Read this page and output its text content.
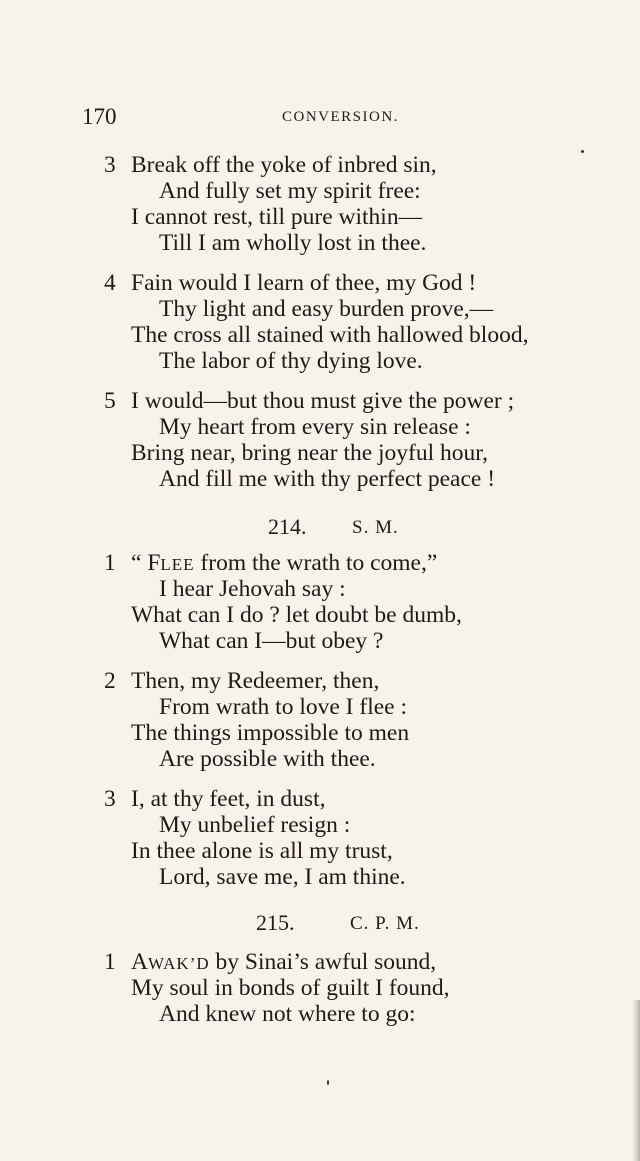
170	CONVERSION.
3 Break off the yoke of inbred sin,
And fully set my spirit free:
I cannot rest, till pure within—
Till I am wholly lost in thee.
4 Fain would I learn of thee, my God !
Thy light and easy burden prove,—
The cross all stained with hallowed blood,
The labor of thy dying love.
5 I would—but thou must give the power ;
My heart from every sin release :
Bring near, bring near the joyful hour,
And fill me with thy perfect peace !
214. S. M.
1 “ FLEE from the wrath to come,”
I hear Jehovah say :
What can I do ? let doubt be dumb,
What can I—but obey ?
2 Then, my Redeemer, then,
From wrath to love I flee :
The things impossible to men
Are possible with thee.
3 I, at thy feet, in dust,
My unbelief resign :
In thee alone is all my trust,
Lord, save me, I am thine.
215.	C. P. M.
1 AWAK’D by Sinai’s awful sound,
My soul in bonds of guilt I found,
And knew not where to go:
